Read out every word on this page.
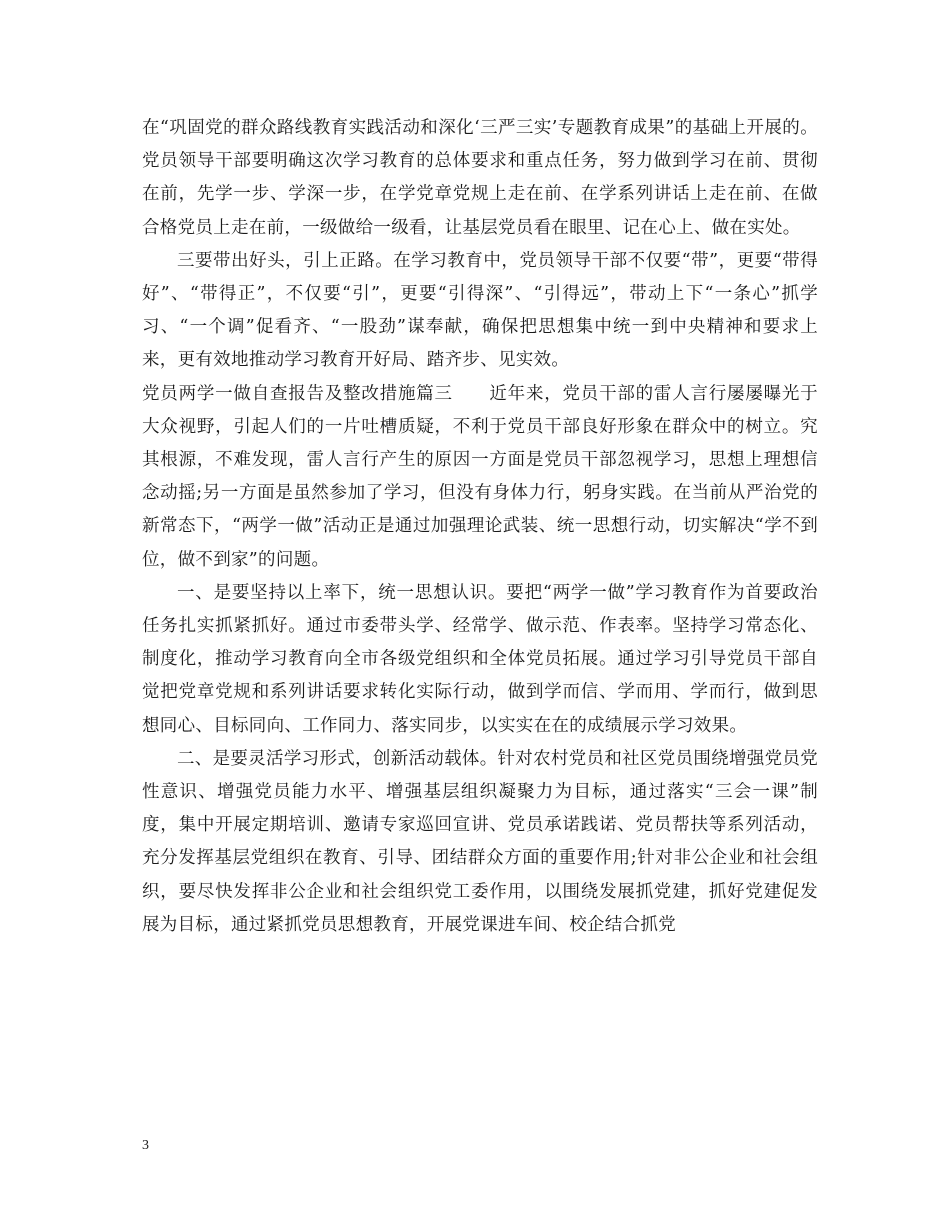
在“巩固党的群众路线教育实践活动和深化‘三严三实’专题教育成果”的基础上开展的。党员领导干部要明确这次学习教育的总体要求和重点任务，努力做到学习在前、贯彻在前，先学一步、学深一步，在学党章党规上走在前、在学系列讲话上走在前、在做合格党员上走在前，一级做给一级看，让基层党员看在眼里、记在心上、做在实处。

三要带出好头，引上正路。在学习教育中，党员领导干部不仅要“带”，更要“带得好”、“带得正”，不仅要“引”，更要“引得深”、“引得远”，带动上下“一条心”抓学习、“一个调”促看齐、“一股劲”谋奉献，确保把思想集中统一到中央精神和要求上来，更有效地推动学习教育开好局、踏齐步、见实效。

党员两学一做自查报告及整改措施篇三　　近年来，党员干部的雷人言行屡屡曝光于大众视野，引起人们的一片吐槽质疑，不利于党员干部良好形象在群众中的树立。究其根源，不难发现，雷人言行产生的原因一方面是党员干部忽视学习，思想上理想信念动摇;另一方面是虽然参加了学习，但没有身体力行，躬身实践。在当前从严治党的新常态下，“两学一做”活动正是通过加强理论武装、统一思想行动，切实解决“学不到位，做不到家”的问题。

一、是要坚持以上率下，统一思想认识。要把“两学一做”学习教育作为首要政治任务扎实抓紧抓好。通过市委带头学、经常学、做示范、作表率。坚持学习常态化、制度化，推动学习教育向全市各级党组织和全体党员拓展。通过学习引导党员干部自觉把党章党规和系列讲话要求转化实际行动，做到学而信、学而用、学而行，做到思想同心、目标同向、工作同力、落实同步，以实实在在的成绩展示学习效果。

二、是要灵活学习形式，创新活动载体。针对农村党员和社区党员围绕增强党员党性意识、增强党员能力水平、增强基层组织凝聚力为目标，通过落实“三会一课”制度，集中开展定期培训、邀请专家巡回宣讲、党员承诺践诺、党员帮扶等系列活动，充分发挥基层党组织在教育、引导、团结群众方面的重要作用;针对非公企业和社会组织，要尽快发挥非公企业和社会组织党工委作用，以围绕发展抓党建，抓好党建促发展为目标，通过紧抓党员思想教育，开展党课进车间、校企结合抓党

3
